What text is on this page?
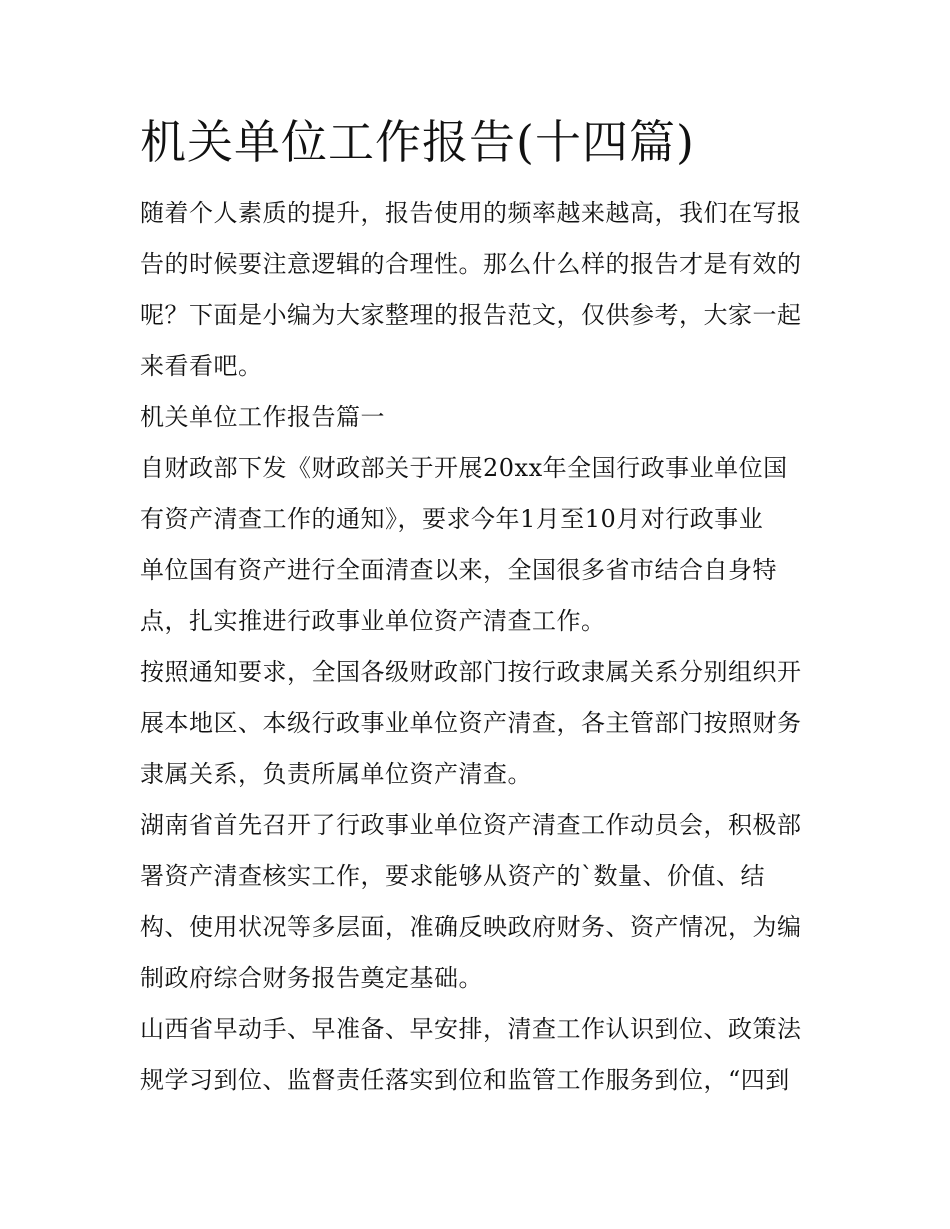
机关单位工作报告(十四篇)
随着个人素质的提升，报告使用的频率越来越高，我们在写报
告的时候要注意逻辑的合理性。那么什么样的报告才是有效的
呢？下面是小编为大家整理的报告范文，仅供参考，大家一起
来看看吧。
机关单位工作报告篇一
自财政部下发《财政部关于开展20xx年全国行政事业单位国
有资产清查工作的通知》，要求今年1月至10月对行政事业
单位国有资产进行全面清查以来，全国很多省市结合自身特
点，扎实推进行政事业单位资产清查工作。
按照通知要求，全国各级财政部门按行政隶属关系分别组织开
展本地区、本级行政事业单位资产清查，各主管部门按照财务
隶属关系，负责所属单位资产清查。
湖南省首先召开了行政事业单位资产清查工作动员会，积极部
署资产清查核实工作，要求能够从资产的`数量、价值、结
构、使用状况等多层面，准确反映政府财务、资产情况，为编
制政府综合财务报告奠定基础。
山西省早动手、早准备、早安排，清查工作认识到位、政策法
规学习到位、监督责任落实到位和监管工作服务到位，“四到
